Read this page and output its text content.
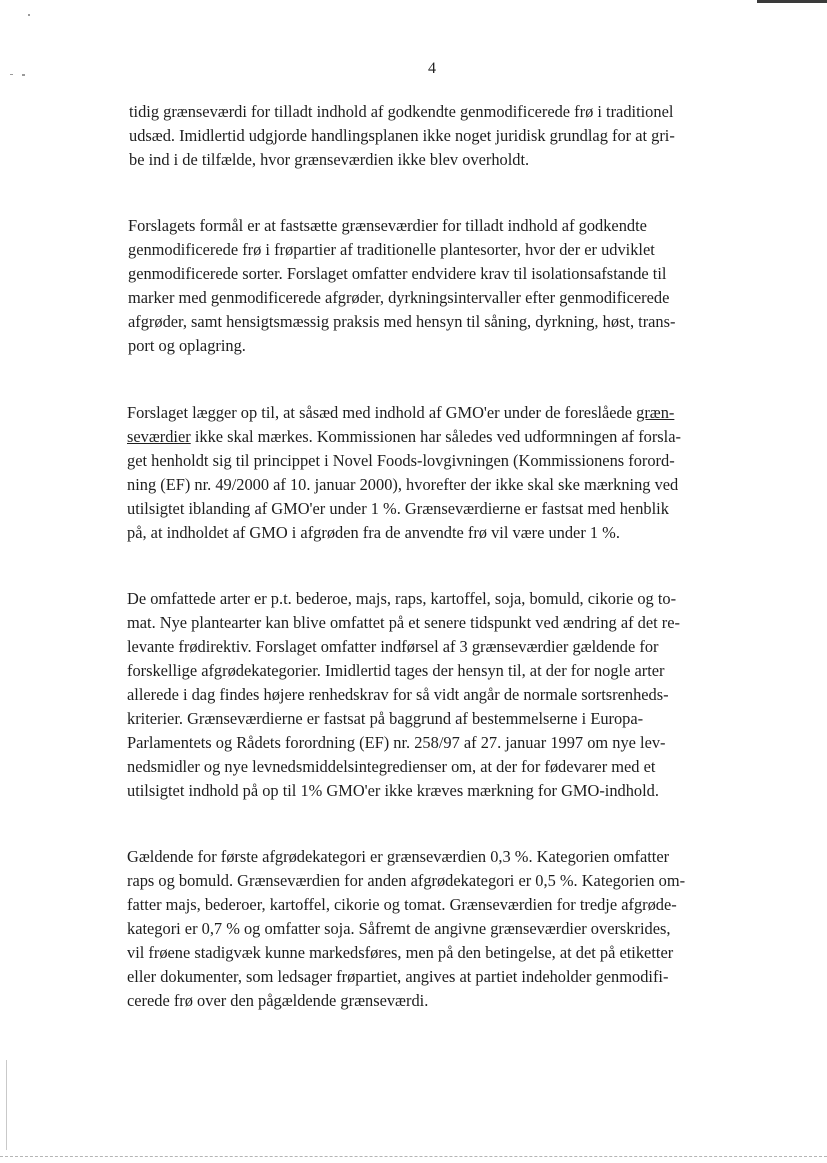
4
tidig grænseværdi for tilladt indhold af godkendte genmodificerede frø i traditionel
udsæd. Imidlertid udgjorde handlingsplanen ikke noget juridisk grundlag for at gri-
be ind i de tilfælde, hvor grænseværdien ikke blev overholdt.
Forslagets formål er at fastsætte grænseværdier for tilladt indhold af godkendte
genmodificerede frø i frøpartier af traditionelle plantesorter, hvor der er udviklet
genmodificerede sorter. Forslaget omfatter endvidere krav til isolationsafstande til
marker med genmodificerede afgrøder, dyrkningsintervaller efter genmodificerede
afgrøder, samt hensigtsmæssig praksis med hensyn til såning, dyrkning, høst, trans-
port og oplagring.
Forslaget lægger op til, at såsæd med indhold af GMO'er under de foreslåede græn-
seværdier ikke skal mærkes. Kommissionen har således ved udformningen af forsla-
get henholdt sig til princippet i Novel Foods-lovgivningen (Kommissionens forord-
ning (EF) nr. 49/2000 af 10. januar 2000), hvorefter der ikke skal ske mærkning ved
utilsigtet iblanding af GMO'er under 1 %. Grænseværdierne er fastsat med henblik
på, at indholdet af GMO i afgrøden fra de anvendte frø vil være under 1 %.
De omfattede arter er p.t. bederoe, majs, raps, kartoffel, soja, bomuld, cikorie og to-
mat. Nye plantearter kan blive omfattet på et senere tidspunkt ved ændring af det re-
levante frødirektiv. Forslaget omfatter indførsel af 3 grænseværdier gældende for
forskellige afgrødekategorier. Imidlertid tages der hensyn til, at der for nogle arter
allerede i dag findes højere renhedskrav for så vidt angår de normale sortsrenheds-
kriterier. Grænseværdierne er fastsat på baggrund af bestemmelserne i Europa-
Parlamentets og Rådets forordning (EF) nr. 258/97 af 27. januar 1997 om nye lev-
nedsmidler og nye levnedsmiddelsintegredienser om, at der for fødevarer med et
utilsigtet indhold på op til 1% GMO'er ikke kræves mærkning for GMO-indhold.
Gældende for første afgrødekategori er grænseværdien 0,3 %. Kategorien omfatter
raps og bomuld. Grænseværdien for anden afgrødekategori er 0,5 %. Kategorien om-
fatter majs, bederoer, kartoffel, cikorie og tomat. Grænseværdien for tredje afgrøde-
kategori er 0,7 % og omfatter soja. Såfremt de angivne grænseværdier overskrides,
vil frøene stadigvæk kunne markedsføres, men på den betingelse, at det på etiketter
eller dokumenter, som ledsager frøpartiet, angives at partiet indeholder genmodifi-
cerede frø over den pågældende grænseværdi.
